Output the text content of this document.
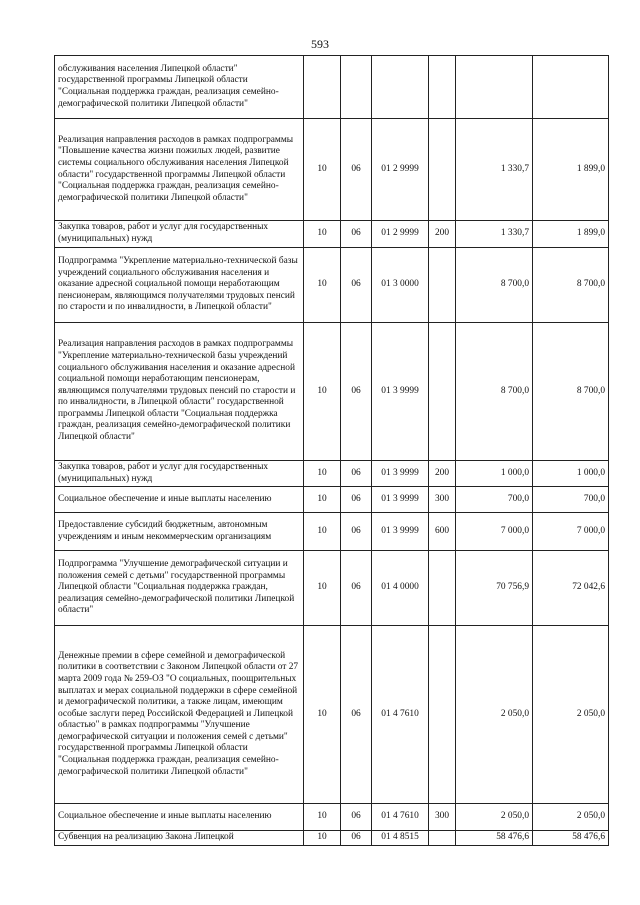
593
обслуживания населения Липецкой области" государственной программы Липецкой области "Социальная поддержка граждан, реализация семейно-демографической политики Липецкой области"						
Реализация направления расходов в рамках подпрограммы "Повышение качества жизни пожилых людей, развитие системы социального обслуживания населения Липецкой области" государственной программы Липецкой области "Социальная поддержка граждан, реализация семейно-демографической политики Липецкой области"	10	06	01 2 9999		1 330,7	1 899,0
Закупка товаров, работ и услуг для государственных (муниципальных) нужд	10	06	01 2 9999	200	1 330,7	1 899,0
Подпрограмма "Укрепление материально-технической базы учреждений социального обслуживания населения и оказание адресной социальной помощи неработающим пенсионерам, являющимся получателями трудовых пенсий по старости и по инвалидности, в Липецкой области"	10	06	01 3 0000		8 700,0	8 700,0
Реализация направления расходов в рамках подпрограммы "Укрепление материально-технической базы учреждений социального обслуживания населения и оказание адресной социальной помощи неработающим пенсионерам, являющимся получателями трудовых пенсий по старости и по инвалидности, в Липецкой области" государственной программы Липецкой области "Социальная поддержка граждан, реализация семейно-демографической политики Липецкой области"	10	06	01 3 9999		8 700,0	8 700,0
Закупка товаров, работ и услуг для государственных (муниципальных) нужд	10	06	01 3 9999	200	1 000,0	1 000,0
Социальное обеспечение и иные выплаты населению	10	06	01 3 9999	300	700,0	700,0
Предоставление субсидий бюджетным, автономным учреждениям и иным некоммерческим организациям	10	06	01 3 9999	600	7 000,0	7 000,0
Подпрограмма "Улучшение демографической ситуации и положения семей с детьми" государственной программы Липецкой области "Социальная поддержка граждан, реализация семейно-демографической политики Липецкой области"	10	06	01 4 0000		70 756,9	72 042,6
Денежные премии в сфере семейной и демографической политики в соответствии с Законом Липецкой области от 27 марта 2009 года № 259-ОЗ "О социальных, поощрительных выплатах и мерах социальной поддержки в сфере семейной и демографической политики, а также лицам, имеющим особые заслуги перед Российской Федерацией и Липецкой областью" в рамках подпрограммы "Улучшение демографической ситуации и положения семей с детьми" государственной программы Липецкой области "Социальная поддержка граждан, реализация семейно-демографической политики Липецкой области"	10	06	01 4 7610		2 050,0	2 050,0
Социальное обеспечение и иные выплаты населению	10	06	01 4 7610	300	2 050,0	2 050,0
Субвенция на реализацию Закона Липецкой	10	06	01 4 8515		58 476,6	58 476,6
